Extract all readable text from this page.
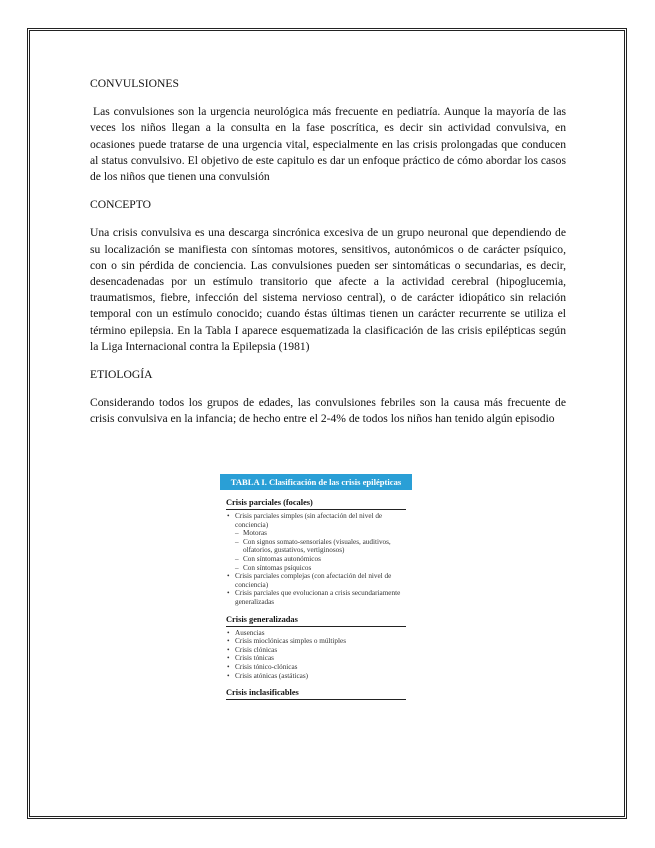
CONVULSIONES

Las convulsiones son la urgencia neurológica más frecuente en pediatría. Aunque la mayoría de las veces los niños llegan a la consulta en la fase poscrítica, es decir sin actividad convulsiva, en ocasiones puede tratarse de una urgencia vital, especialmente en las crisis prolongadas que conducen al status convulsivo. El objetivo de este capitulo es dar un enfoque práctico de cómo abordar los casos de los niños que tienen una convulsión

CONCEPTO

Una crisis convulsiva es una descarga sincrónica excesiva de un grupo neuronal que dependiendo de su localización se manifiesta con síntomas motores, sensitivos, autonómicos o de carácter psíquico, con o sin pérdida de conciencia. Las convulsiones pueden ser sintomáticas o secundarias, es decir, desencadenadas por un estímulo transitorio que afecte a la actividad cerebral (hipoglucemia, traumatismos, fiebre, infección del sistema nervioso central), o de carácter idiopático sin relación temporal con un estímulo conocido; cuando éstas últimas tienen un carácter recurrente se utiliza el término epilepsia. En la Tabla I aparece esquematizada la clasificación de las crisis epilépticas según la Liga Internacional contra la Epilepsia (1981)

ETIOLOGÍA

Considerando todos los grupos de edades, las convulsiones febriles son la causa más frecuente de crisis convulsiva en la infancia; de hecho entre el 2-4% de todos los niños han tenido algún episodio

TABLA I. Clasificación de las crisis epilépticas
Crisis parciales (focales)
• Crisis parciales simples (sin afectación del nivel de conciencia)
– Motoras
– Con signos somato-sensoriales (visuales, auditivos, olfatorios, gustativos, vertiginosos)
– Con síntomas autonómicos
– Con síntomas psíquicos
• Crisis parciales complejas (con afectación del nivel de conciencia)
• Crisis parciales que evolucionan a crisis secundariamente generalizadas
Crisis generalizadas
• Ausencias
• Crisis mioclónicas simples o múltiples
• Crisis clónicas
• Crisis tónicas
• Crisis tónico-clónicas
• Crisis atónicas (astáticas)
Crisis inclasificables
